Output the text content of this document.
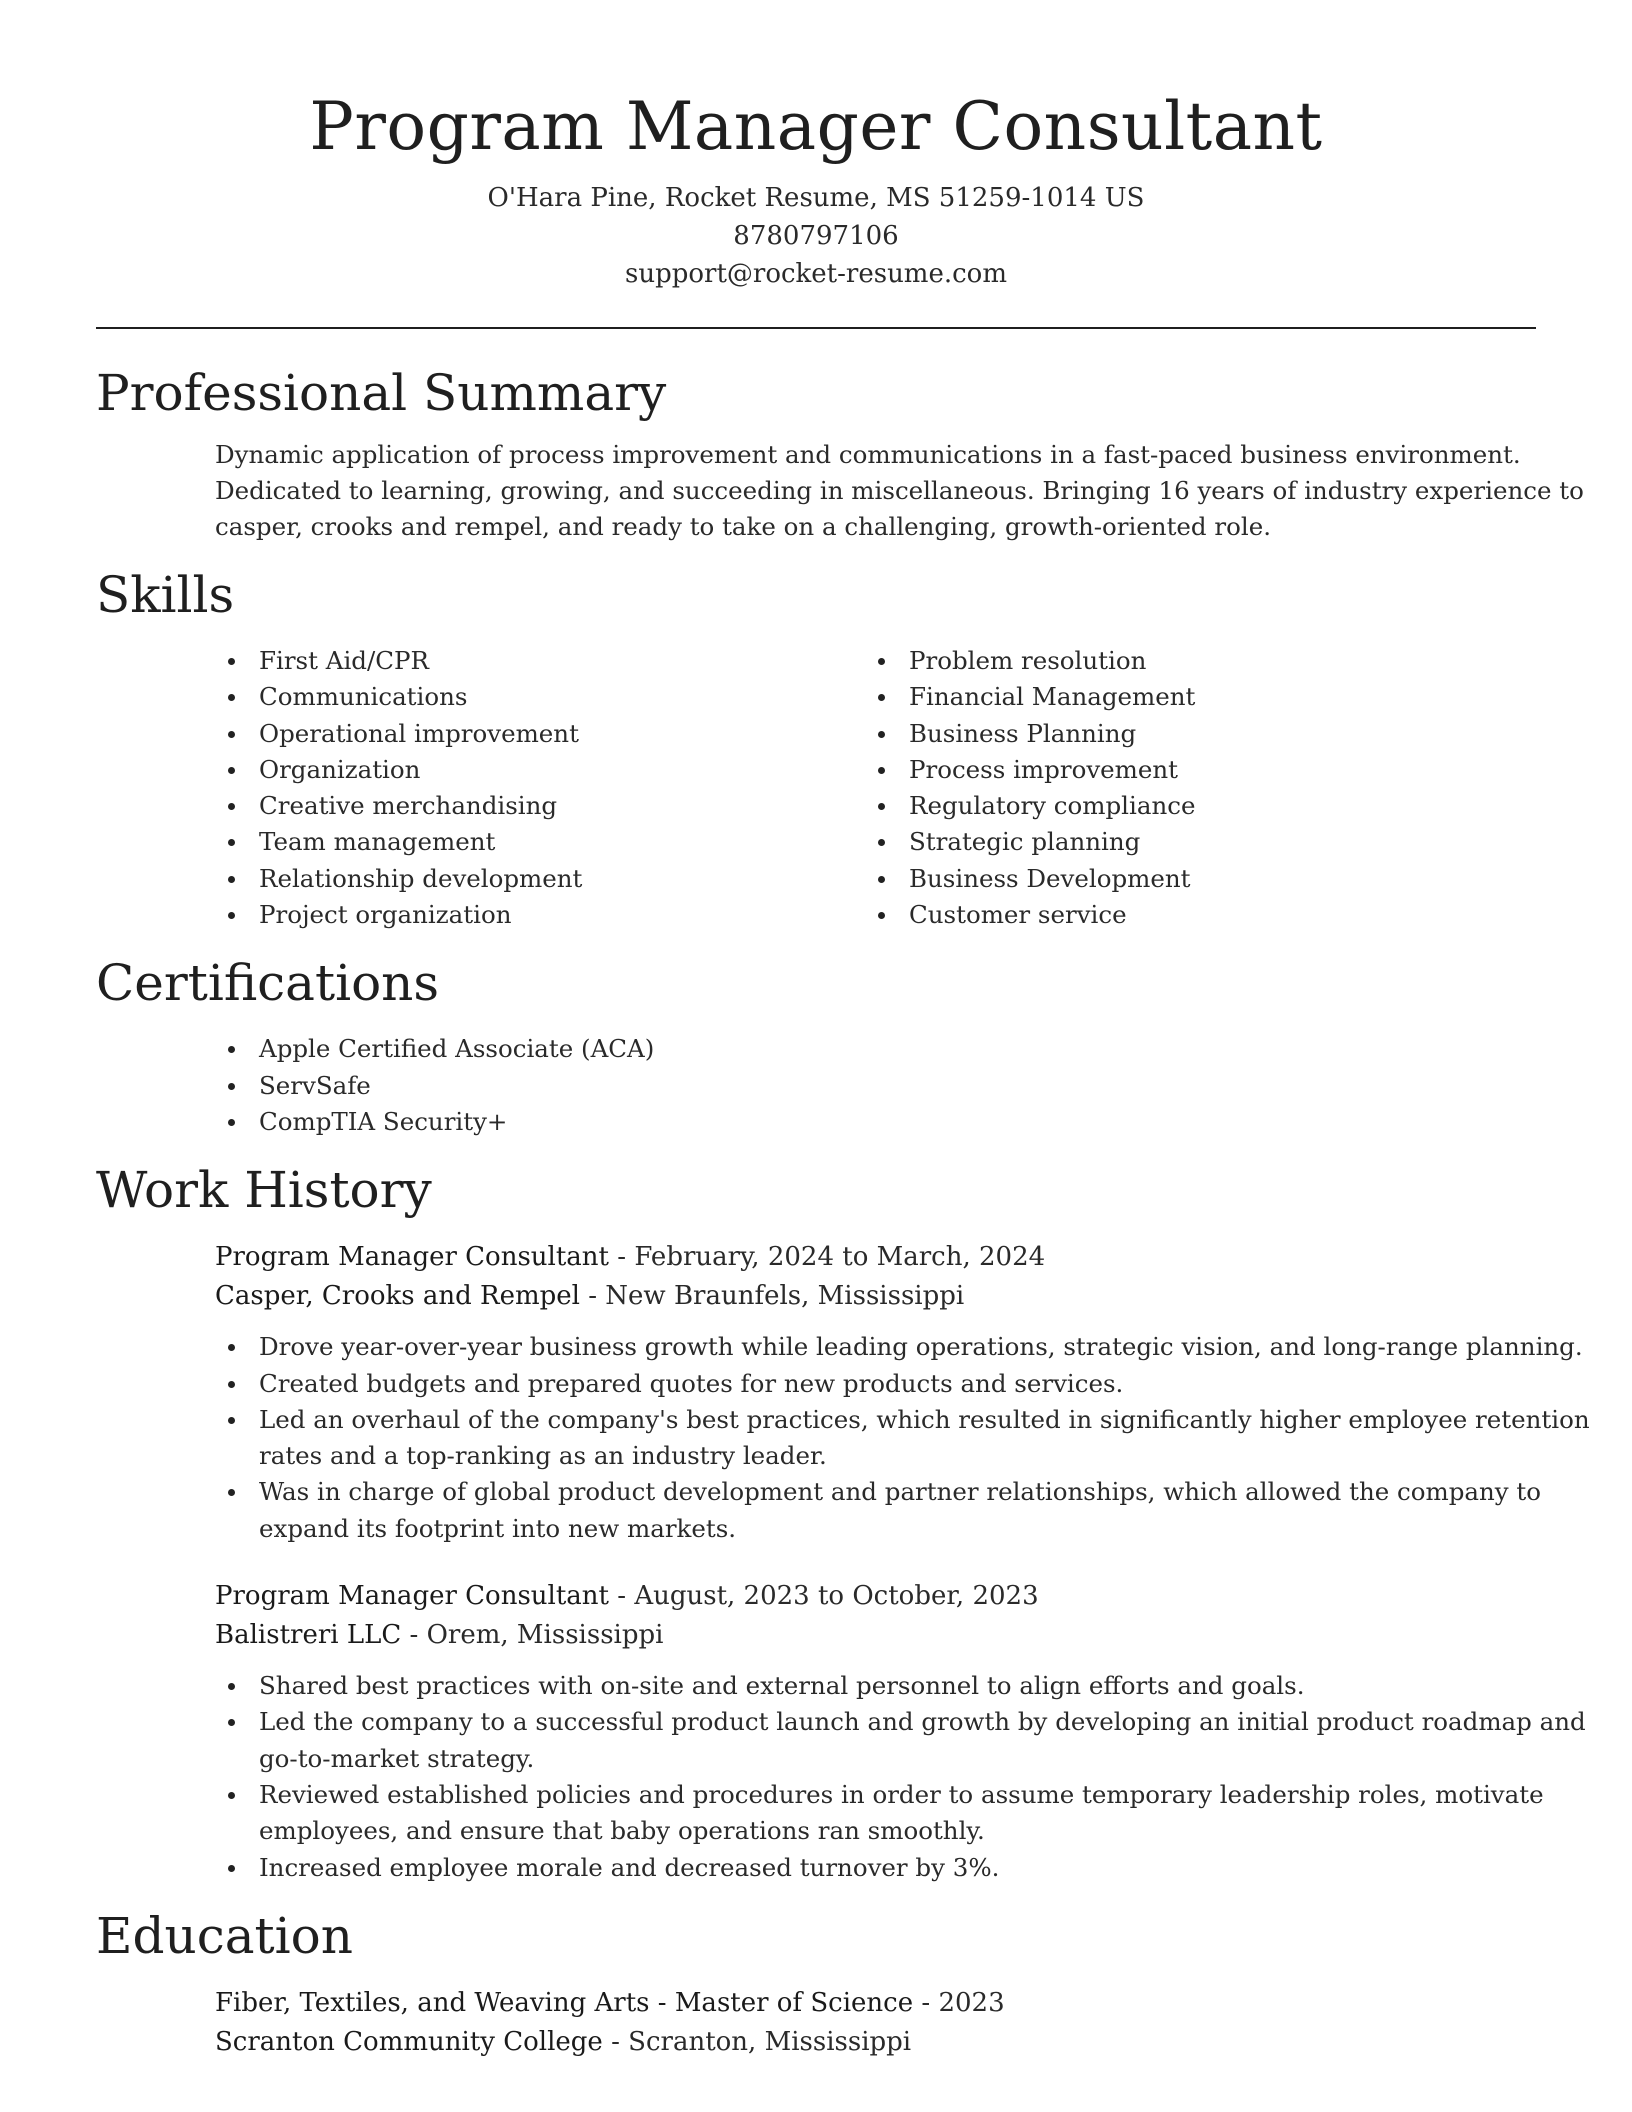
Program Manager Consultant
O'Hara Pine, Rocket Resume, MS 51259-1014 US
8780797106
support@rocket-resume.com
Professional Summary
Dynamic application of process improvement and communications in a fast-paced business environment.
Dedicated to learning, growing, and succeeding in miscellaneous. Bringing 16 years of industry experience to
casper, crooks and rempel, and ready to take on a challenging, growth-oriented role.
Skills
First Aid/CPR
Communications
Operational improvement
Organization
Creative merchandising
Team management
Relationship development
Project organization
Problem resolution
Financial Management
Business Planning
Process improvement
Regulatory compliance
Strategic planning
Business Development
Customer service
Certifications
Apple Certified Associate (ACA)
ServSafe
CompTIA Security+
Work History
Program Manager Consultant - February, 2024 to March, 2024
Casper, Crooks and Rempel - New Braunfels, Mississippi
Drove year-over-year business growth while leading operations, strategic vision, and long-range planning.
Created budgets and prepared quotes for new products and services.
Led an overhaul of the company's best practices, which resulted in significantly higher employee retention
rates and a top-ranking as an industry leader.
Was in charge of global product development and partner relationships, which allowed the company to
expand its footprint into new markets.
Program Manager Consultant - August, 2023 to October, 2023
Balistreri LLC - Orem, Mississippi
Shared best practices with on-site and external personnel to align efforts and goals.
Led the company to a successful product launch and growth by developing an initial product roadmap and
go-to-market strategy.
Reviewed established policies and procedures in order to assume temporary leadership roles, motivate
employees, and ensure that baby operations ran smoothly.
Increased employee morale and decreased turnover by 3%.
Education
Fiber, Textiles, and Weaving Arts - Master of Science - 2023
Scranton Community College - Scranton, Mississippi
